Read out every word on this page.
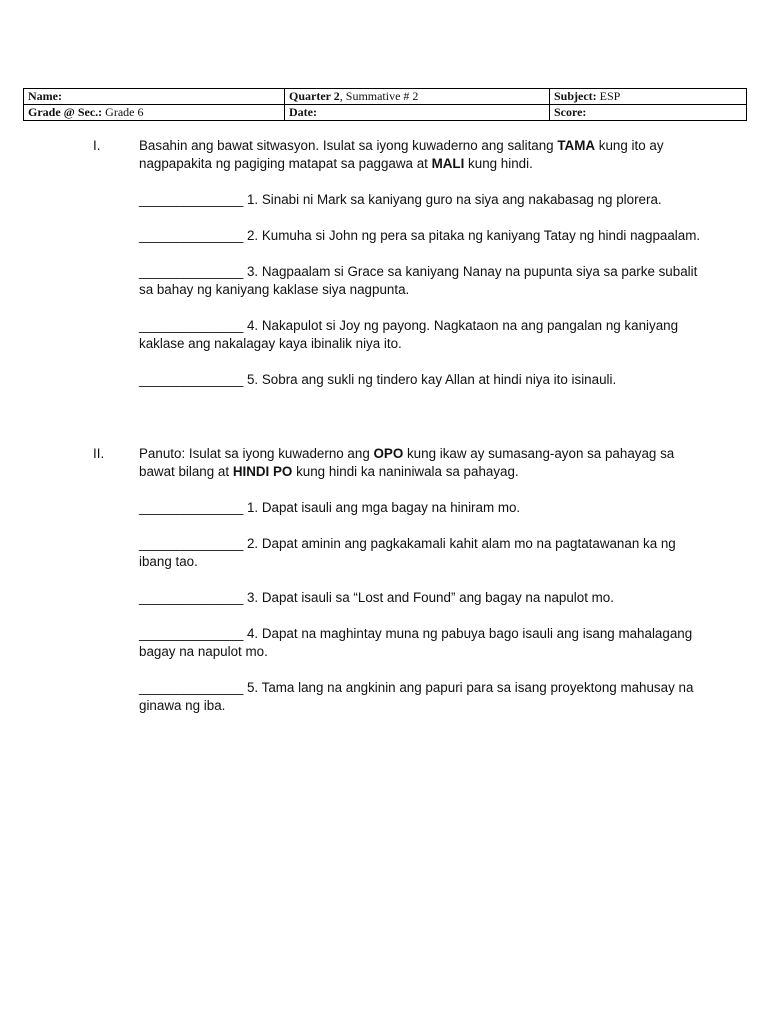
Name:	Quarter 2, Summative # 2	Subject: ESP
Grade @ Sec.: Grade 6	Date:	Score:
I.	Basahin ang bawat sitwasyon. Isulat sa iyong kuwaderno ang salitang TAMA kung ito ay nagpapakita ng pagiging matapat sa paggawa at MALI kung hindi.

______________ 1. Sinabi ni Mark sa kaniyang guro na siya ang nakabasag ng plorera.

______________ 2. Kumuha si John ng pera sa pitaka ng kaniyang Tatay ng hindi nagpaalam.

______________ 3. Nagpaalam si Grace sa kaniyang Nanay na pupunta siya sa parke subalit sa bahay ng kaniyang kaklase siya nagpunta.

______________ 4. Nakapulot si Joy ng payong. Nagkataon na ang pangalan ng kaniyang kaklase ang nakalagay kaya ibinalik niya ito.

______________ 5. Sobra ang sukli ng tindero kay Allan at hindi niya ito isinauli.

II.	Panuto: Isulat sa iyong kuwaderno ang OPO kung ikaw ay sumasang-ayon sa pahayag sa bawat bilang at HINDI PO kung hindi ka naniniwala sa pahayag.

______________ 1. Dapat isauli ang mga bagay na hiniram mo.

______________ 2. Dapat aminin ang pagkakamali kahit alam mo na pagtatawanan ka ng ibang tao.

______________ 3. Dapat isauli sa “Lost and Found” ang bagay na napulot mo.

______________ 4. Dapat na maghintay muna ng pabuya bago isauli ang isang mahalagang bagay na napulot mo.

______________ 5. Tama lang na angkinin ang papuri para sa isang proyektong mahusay na ginawa ng iba.
